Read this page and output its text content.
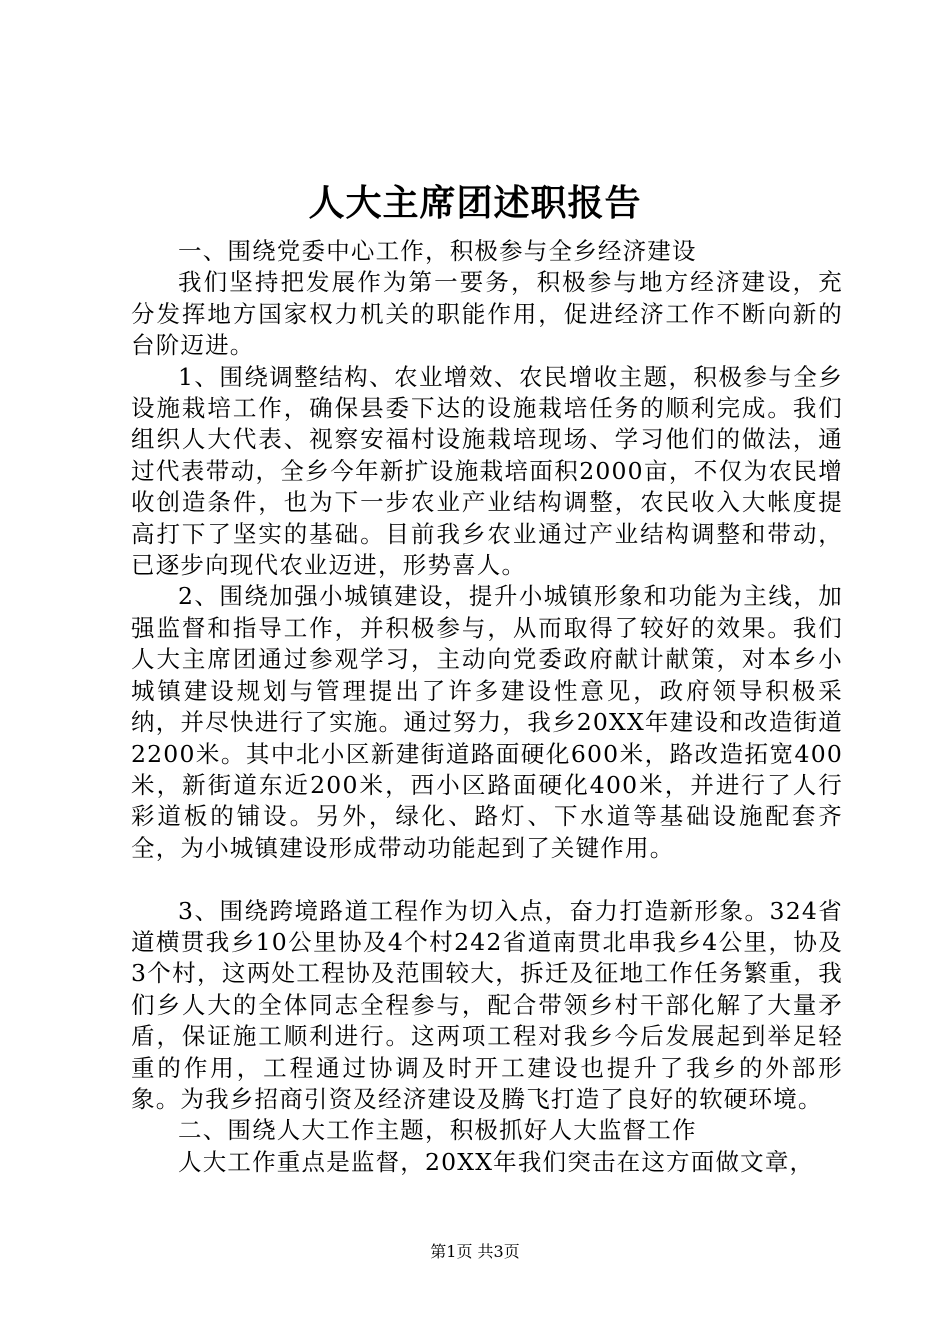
人大主席团述职报告

一、围绕党委中心工作，积极参与全乡经济建设

我们坚持把发展作为第一要务，积极参与地方经济建设，充分发挥地方国家权力机关的职能作用，促进经济工作不断向新的台阶迈进。

1、围绕调整结构、农业增效、农民增收主题，积极参与全乡设施栽培工作，确保县委下达的设施栽培任务的顺利完成。我们组织人大代表、视察安福村设施栽培现场、学习他们的做法，通过代表带动，全乡今年新扩设施栽培面积2000亩，不仅为农民增收创造条件，也为下一步农业产业结构调整，农民收入大帐度提高打下了坚实的基础。目前我乡农业通过产业结构调整和带动，已逐步向现代农业迈进，形势喜人。

2、围绕加强小城镇建设，提升小城镇形象和功能为主线，加强监督和指导工作，并积极参与，从而取得了较好的效果。我们人大主席团通过参观学习，主动向党委政府献计献策，对本乡小城镇建设规划与管理提出了许多建设性意见，政府领导积极采纳，并尽快进行了实施。通过努力，我乡20XX年建设和改造街道2200米。其中北小区新建街道路面硬化600米，路改造拓宽400米，新街道东近200米，西小区路面硬化400米，并进行了人行彩道板的铺设。另外，绿化、路灯、下水道等基础设施配套齐全，为小城镇建设形成带动功能起到了关键作用。

3、围绕跨境路道工程作为切入点，奋力打造新形象。324省道横贯我乡10公里协及4个村242省道南贯北串我乡4公里，协及3个村，这两处工程协及范围较大，拆迁及征地工作任务繁重，我们乡人大的全体同志全程参与，配合带领乡村干部化解了大量矛盾，保证施工顺利进行。这两项工程对我乡今后发展起到举足轻重的作用，工程通过协调及时开工建设也提升了我乡的外部形象。为我乡招商引资及经济建设及腾飞打造了良好的软硬环境。

二、围绕人大工作主题，积极抓好人大监督工作

人大工作重点是监督，20XX年我们突击在这方面做文章，

第1页 共3页
